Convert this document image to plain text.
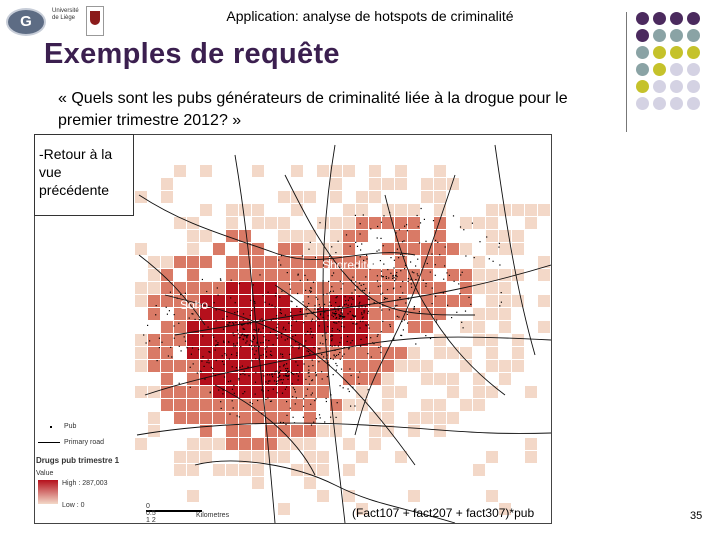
G
Université de Liège	Application: analyse de hotspots de criminalité
Exemples de requête
« Quels sont les pubs générateurs de criminalité liée à la drogue pour le premier trimestre 2012? »
-Retour à la vue précédente
Shoreditch
Soho
Pub
Primary road
Drugs pub trimestre 1
Value
High : 287,003
Low : 0	0 0.5 1 2
Kilometres	(Fact107 + fact207 + fact307)*pub	35
